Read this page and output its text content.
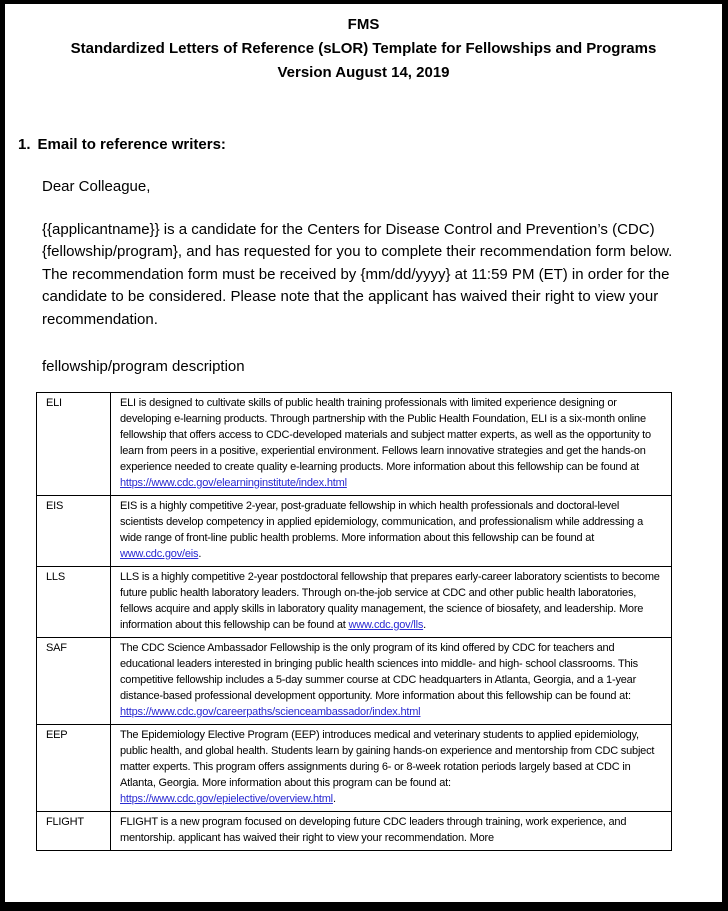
FMS
Standardized Letters of Reference (sLOR) Template for Fellowships and Programs
Version August 14, 2019
1. Email to reference writers:
Dear Colleague,

{{applicantname}} is a candidate for the Centers for Disease Control and Prevention’s (CDC) {fellowship/program}, and has requested for you to complete their recommendation form below. The recommendation form must be received by {mm/dd/yyyy} at 11:59 PM (ET) in order for the candidate to be considered. Please note that the applicant has waived their right to view your recommendation.

fellowship/program description
ELI	ELI is designed to cultivate skills of public health training professionals with limited experience designing or developing e-learning products. Through partnership with the Public Health Foundation, ELI is a six-month online fellowship that offers access to CDC-developed materials and subject matter experts, as well as the opportunity to learn from peers in a positive, experiential environment. Fellows learn innovative strategies and get the hands-on experience needed to create quality e-learning products. More information about this fellowship can be found at https://www.cdc.gov/elearninginstitute/index.html
EIS	EIS is a highly competitive 2-year, post-graduate fellowship in which health professionals and doctoral-level scientists develop competency in applied epidemiology, communication, and professionalism while addressing a wide range of front-line public health problems. More information about this fellowship can be found at www.cdc.gov/eis.
LLS	LLS is a highly competitive 2-year postdoctoral fellowship that prepares early-career laboratory scientists to become future public health laboratory leaders. Through on-the-job service at CDC and other public health laboratories, fellows acquire and apply skills in laboratory quality management, the science of biosafety, and leadership. More information about this fellowship can be found at www.cdc.gov/lls.
SAF	The CDC Science Ambassador Fellowship is the only program of its kind offered by CDC for teachers and educational leaders interested in bringing public health sciences into middle- and high- school classrooms. This competitive fellowship includes a 5-day summer course at CDC headquarters in Atlanta, Georgia, and a 1-year distance-based professional development opportunity. More information about this fellowship can be found at: https://www.cdc.gov/careerpaths/scienceambassador/index.html
EEP	The Epidemiology Elective Program (EEP) introduces medical and veterinary students to applied epidemiology, public health, and global health. Students learn by gaining hands-on experience and mentorship from CDC subject matter experts. This program offers assignments during 6- or 8-week rotation periods largely based at CDC in Atlanta, Georgia. More information about this program can be found at: https://www.cdc.gov/epielective/overview.html.
FLIGHT	FLIGHT is a new program focused on developing future CDC leaders through training, work experience, and mentorship. applicant has waived their right to view your recommendation. More
